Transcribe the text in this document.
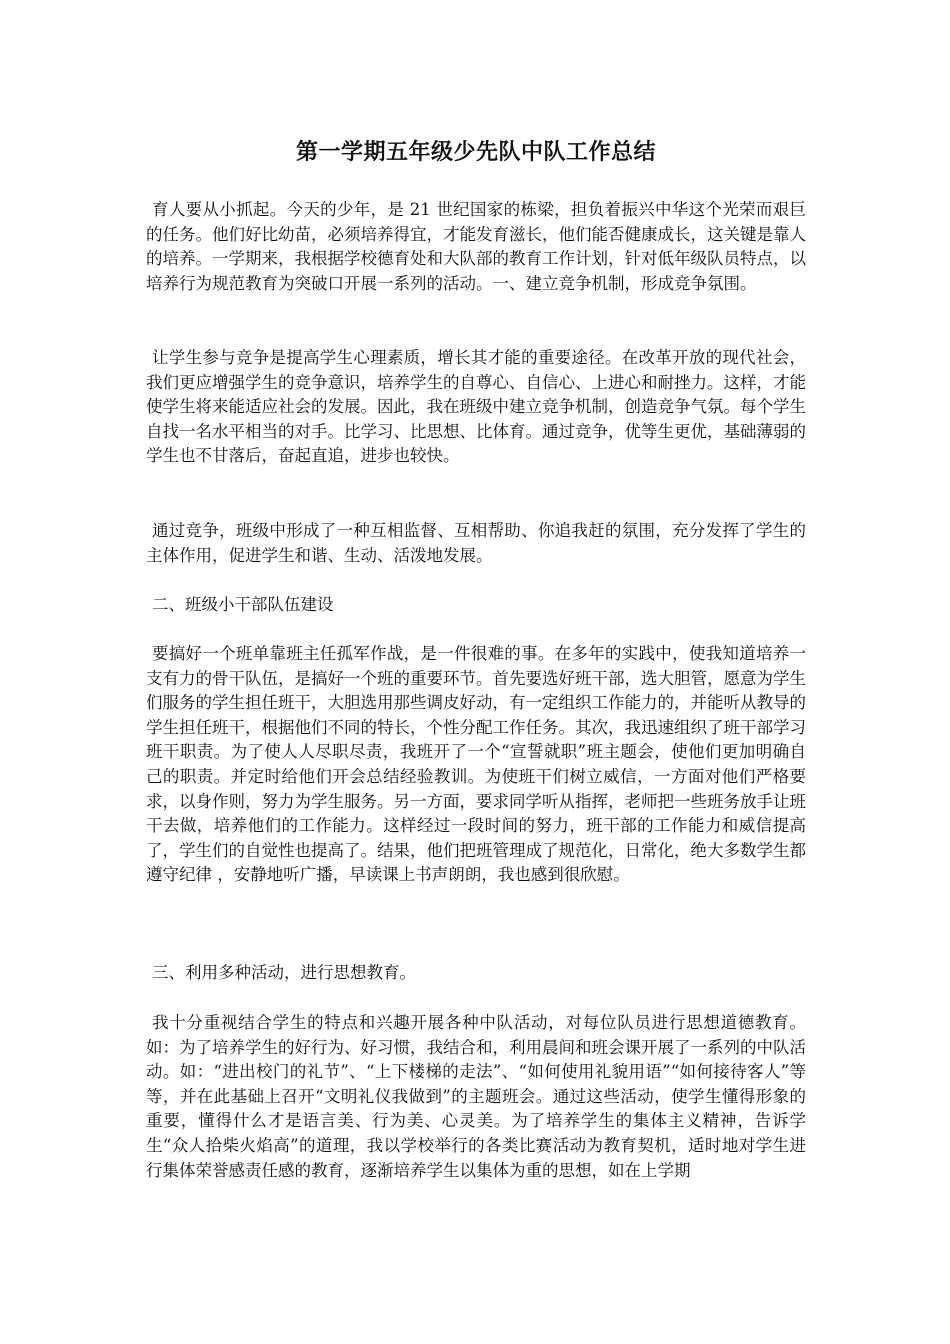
第一学期五年级少先队中队工作总结

育人要从小抓起。今天的少年，是 21 世纪国家的栋梁，担负着振兴中华这个光荣而艰巨的任务。他们好比幼苗，必须培养得宜，才能发育滋长，他们能否健康成长，这关键是靠人的培养。一学期来，我根据学校德育处和大队部的教育工作计划，针对低年级队员特点，以培养行为规范教育为突破口开展一系列的活动。一、建立竞争机制，形成竞争氛围。

让学生参与竞争是提高学生心理素质，增长其才能的重要途径。在改革开放的现代社会，我们更应增强学生的竞争意识，培养学生的自尊心、自信心、上进心和耐挫力。这样，才能使学生将来能适应社会的发展。因此，我在班级中建立竞争机制，创造竞争气氛。每个学生自找一名水平相当的对手。比学习、比思想、比体育。通过竞争，优等生更优，基础薄弱的学生也不甘落后，奋起直追，进步也较快。

通过竞争，班级中形成了一种互相监督、互相帮助、你追我赶的氛围，充分发挥了学生的主体作用，促进学生和谐、生动、活泼地发展。

二、班级小干部队伍建设

要搞好一个班单靠班主任孤军作战，是一件很难的事。在多年的实践中，使我知道培养一支有力的骨干队伍，是搞好一个班的重要环节。首先要选好班干部，选大胆管，愿意为学生们服务的学生担任班干，大胆选用那些调皮好动，有一定组织工作能力的，并能听从教导的学生担任班干，根据他们不同的特长，个性分配工作任务。其次，我迅速组织了班干部学习班干职责。为了使人人尽职尽责，我班开了一个“宣誓就职”班主题会，使他们更加明确自己的职责。并定时给他们开会总结经验教训。为使班干们树立威信，一方面对他们严格要求，以身作则，努力为学生服务。另一方面，要求同学听从指挥，老师把一些班务放手让班干去做，培养他们的工作能力。这样经过一段时间的努力，班干部的工作能力和威信提高了，学生们的自觉性也提高了。结果，他们把班管理成了规范化，日常化，绝大多数学生都遵守纪律 ，安静地听广播，早读课上书声朗朗，我也感到很欣慰。

三、利用多种活动，进行思想教育。

我十分重视结合学生的特点和兴趣开展各种中队活动，对每位队员进行思想道德教育。如：为了培养学生的好行为、好习惯，我结合和，利用晨间和班会课开展了一系列的中队活动。如：“进出校门的礼节”、“上下楼梯的走法”、“如何使用礼貌用语”“如何接待客人”等等，并在此基础上召开“文明礼仪我做到”的主题班会。通过这些活动，使学生懂得形象的重要，懂得什么才是语言美、行为美、心灵美。为了培养学生的集体主义精神，告诉学生“众人拾柴火焰高”的道理，我以学校举行的各类比赛活动为教育契机，适时地对学生进行集体荣誉感责任感的教育，逐渐培养学生以集体为重的思想，如在上学期
